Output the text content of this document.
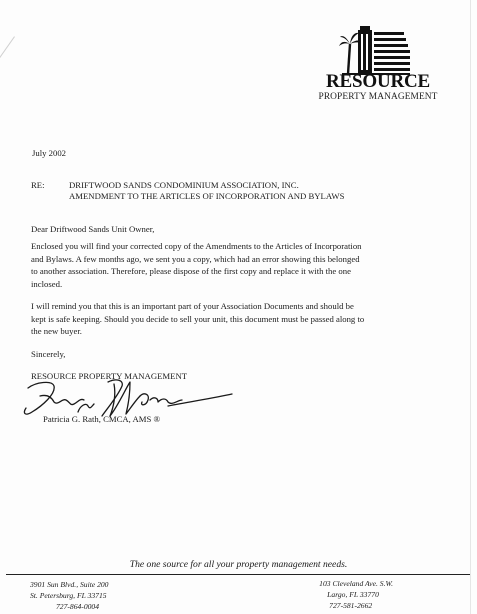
RESOURCE
PROPERTY MANAGEMENT
July 2002
RE:	DRIFTWOOD SANDS CONDOMINIUM ASSOCIATION, INC.
AMENDMENT TO THE ARTICLES OF INCORPORATION AND BYLAWS
Dear Driftwood Sands Unit Owner,
Enclosed you will find your corrected copy of the Amendments to the Articles of Incorporation
and Bylaws. A few months ago, we sent you a copy, which had an error showing this belonged
to another association. Therefore, please dispose of the first copy and replace it with the one
inclosed.
I will remind you that this is an important part of your Association Documents and should be
kept is safe keeping. Should you decide to sell your unit, this document must be passed along to
the new buyer.
Sincerely,
RESOURCE PROPERTY MANAGEMENT
Patricia G. Rath, CMCA, AMS ®
The one source for all your property management needs.
3901 Sun Blvd., Suite 200
St. Petersburg, FL 33715
727-864-0004
103 Cleveland Ave. S.W.
Largo, FL 33770
727-581-2662
